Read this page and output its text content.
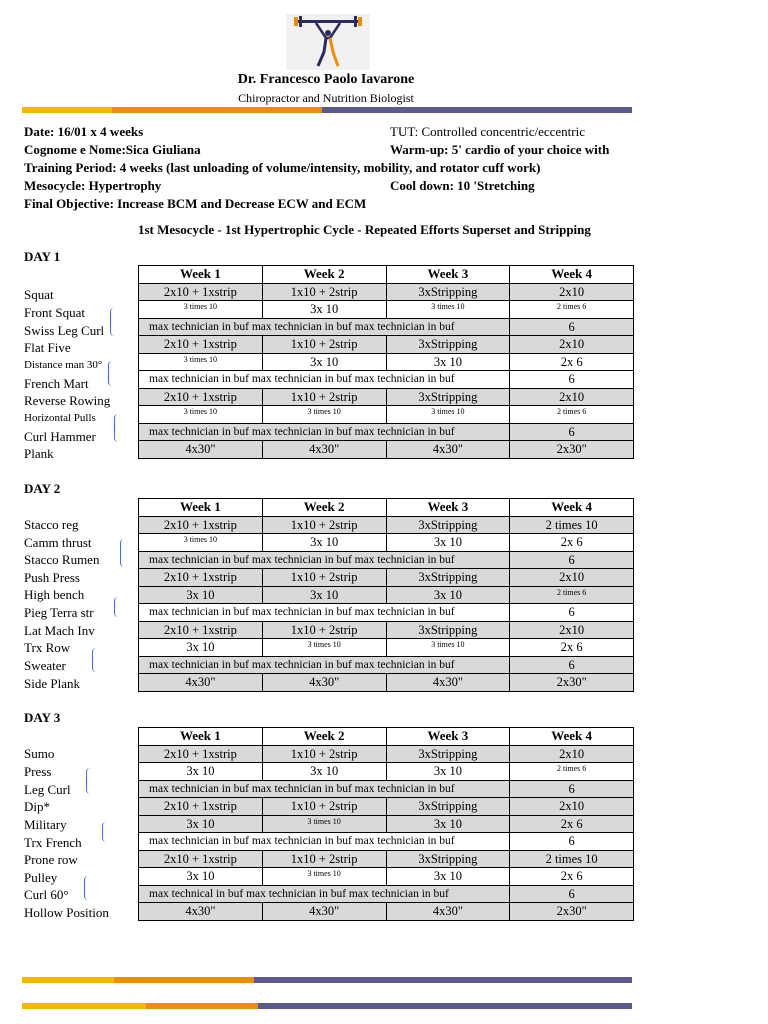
Dr. Francesco Paolo Iavarone
Chiropractor and Nutrition Biologist
Date: 16/01 x 4 weeks
Cognome e Nome:Sica Giuliana
Training Period: 4 weeks (last unloading of volume/intensity, mobility, and rotator cuff work)
Mesocycle: Hypertrophy
Final Objective: Increase BCM and Decrease ECW and ECM
TUT: Controlled concentric/eccentric
Warm-up: 5' cardio of your choice with
Cool down: 10 'Stretching
1st Mesocycle - 1st Hypertrophic Cycle - Repeated Efforts Superset and Stripping
DAY 1
Squat
Front Squat
Swiss Leg Curl
Flat Five
Distance man 30°
French Mart
Reverse Rowing
Horizontal Pulls
Curl Hammer
Plank
Week 1	Week 2	Week 3	Week 4
2x10 + 1xstrip	1x10 + 2strip	3xStripping	2x10
3 times 10	3x 10	3 times 10	2 times 6
max technician in buf max technician in buf max technician in buf			6
2x10 + 1xstrip	1x10 + 2strip	3xStripping	2x10
3 times 10	3x 10	3x 10	2x 6
max technician in buf max technician in buf max technician in buf			6
2x10 + 1xstrip	1x10 + 2strip	3xStripping	2x10
3 times 10	3 times 10	3 times 10	2 times 6
max technician in buf max technician in buf max technician in buf			6
4x30"	4x30"	4x30"	2x30"
DAY 2
Stacco reg
Camm thrust
Stacco Rumen
Push Press
High bench
Pieg Terra str
Lat Mach Inv
Trx Row
Sweater
Side Plank
Week 1	Week 2	Week 3	Week 4
2x10 + 1xstrip	1x10 + 2strip	3xStripping	2 times 10
3 times 10	3x 10	3x 10	2x 6
max technician in buf max technician in buf max technician in buf			6
2x10 + 1xstrip	1x10 + 2strip	3xStripping	2x10
3x 10	3x 10	3x 10	2 times 6
max technician in buf max technician in buf max technician in buf			6
2x10 + 1xstrip	1x10 + 2strip	3xStripping	2x10
3x 10	3 times 10	3 times 10	2x 6
max technician in buf max technician in buf max technician in buf			6
4x30"	4x30"	4x30"	2x30"
DAY 3
Sumo
Press
Leg Curl
Dip*
Military
Trx French
Prone row
Pulley
Curl 60°
Hollow Position
Week 1	Week 2	Week 3	Week 4
2x10 + 1xstrip	1x10 + 2strip	3xStripping	2x10
3x 10	3x 10	3x 10	2 times 6
max technician in buf max technician in buf max technician in buf			6
2x10 + 1xstrip	1x10 + 2strip	3xStripping	2x10
3x 10	3 times 10	3x 10	2x 6
max technician in buf max technician in buf max technician in buf			6
2x10 + 1xstrip	1x10 + 2strip	3xStripping	2 times 10
3x 10	3 times 10	3x 10	2x 6
max technical in buf max technician in buf max technician in buf			6
4x30"	4x30"	4x30"	2x30"
